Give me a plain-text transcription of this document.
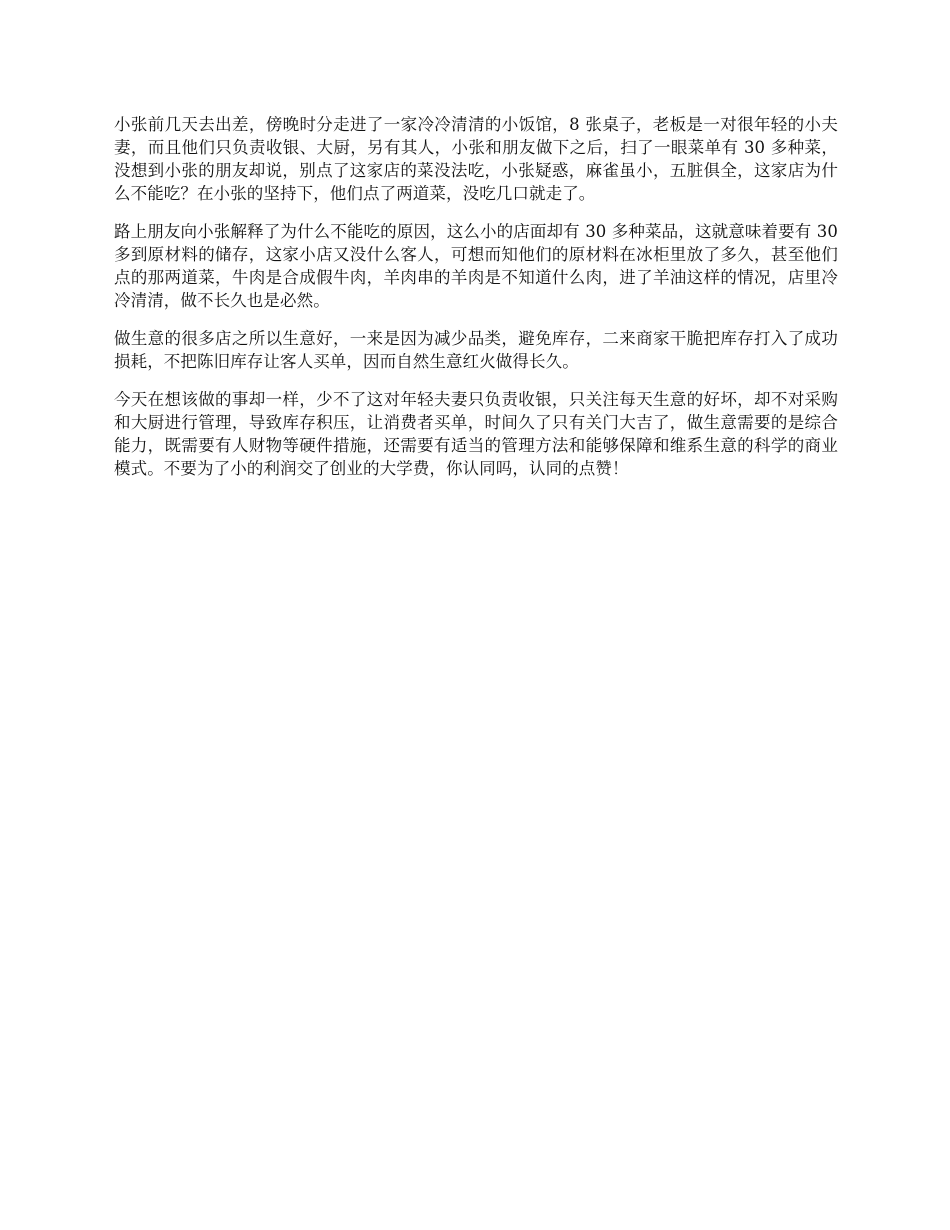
小张前几天去出差，傍晚时分走进了一家冷冷清清的小饭馆，8 张桌子，老板是一对很年轻的小夫妻，而且他们只负责收银、大厨，另有其人，小张和朋友做下之后，扫了一眼菜单有 30 多种菜，没想到小张的朋友却说，别点了这家店的菜没法吃，小张疑惑，麻雀虽小，五脏俱全，这家店为什么不能吃？在小张的坚持下，他们点了两道菜，没吃几口就走了。

路上朋友向小张解释了为什么不能吃的原因，这么小的店面却有 30 多种菜品，这就意味着要有 30 多到原材料的储存，这家小店又没什么客人，可想而知他们的原材料在冰柜里放了多久，甚至他们点的那两道菜，牛肉是合成假牛肉，羊肉串的羊肉是不知道什么肉，进了羊油这样的情况，店里冷冷清清，做不长久也是必然。

做生意的很多店之所以生意好，一来是因为减少品类，避免库存，二来商家干脆把库存打入了成功损耗，不把陈旧库存让客人买单，因而自然生意红火做得长久。

今天在想该做的事却一样，少不了这对年轻夫妻只负责收银，只关注每天生意的好坏，却不对采购和大厨进行管理，导致库存积压，让消费者买单，时间久了只有关门大吉了，做生意需要的是综合能力，既需要有人财物等硬件措施，还需要有适当的管理方法和能够保障和维系生意的科学的商业模式。不要为了小的利润交了创业的大学费，你认同吗，认同的点赞！
